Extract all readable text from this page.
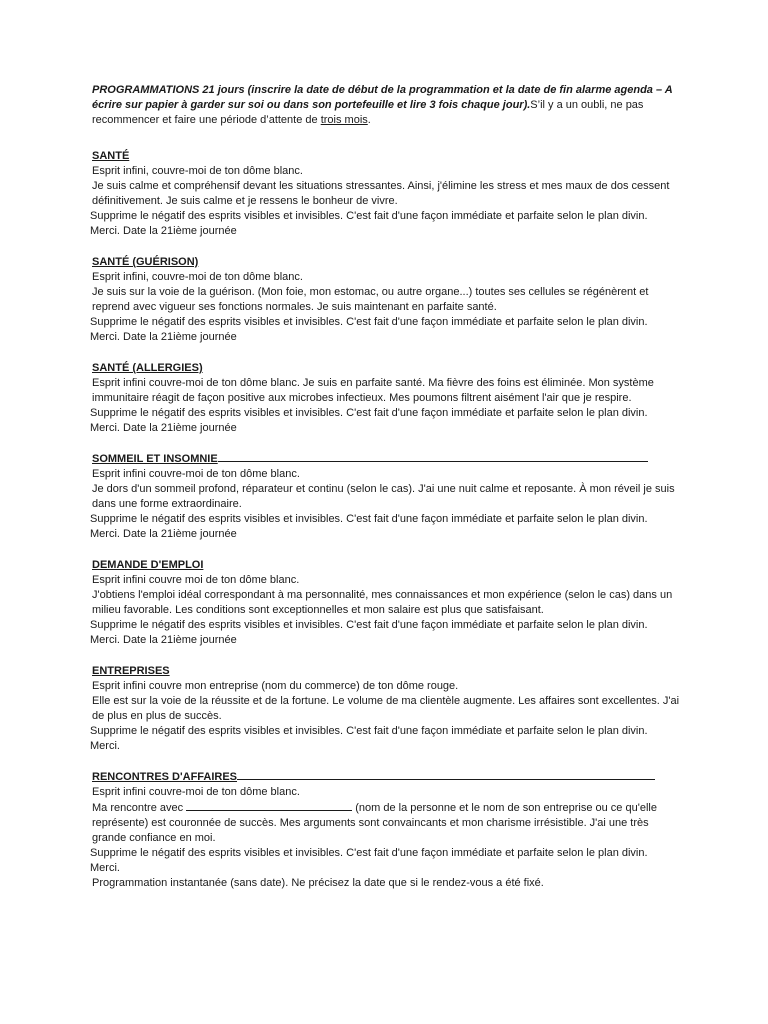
PROGRAMMATIONS 21 jours (inscrire la date de début de la programmation et la date de fin alarme agenda – A écrire sur papier à garder sur soi ou dans son portefeuille et lire 3 fois chaque jour).S’il y a un oubli, ne pas recommencer et faire une période d’attente de trois mois.

SANTÉ
Esprit infini, couvre-moi de ton dôme blanc.
Je suis calme et compréhensif devant les situations stressantes. Ainsi, j'élimine les stress et mes maux de dos cessent définitivement. Je suis calme et je ressens le bonheur de vivre.
Supprime le négatif des esprits visibles et invisibles. C'est fait d'une façon immédiate et parfaite selon le plan divin. Merci. Date la 21ième journée
SANTÉ (GUÉRISON)
Esprit infini, couvre-moi de ton dôme blanc.
Je suis sur la voie de la guérison. (Mon foie, mon estomac, ou autre organe...) toutes ses cellules se régénèrent et reprend avec vigueur ses fonctions normales. Je suis maintenant en parfaite santé.
Supprime le négatif des esprits visibles et invisibles. C'est fait d'une façon immédiate et parfaite selon le plan divin. Merci. Date la 21ième journée
SANTÉ (ALLERGIES)
Esprit infini couvre-moi de ton dôme blanc. Je suis en parfaite santé. Ma fièvre des foins est éliminée. Mon système immunitaire réagit de façon positive aux microbes infectieux. Mes poumons filtrent aisément l'air que je respire.
Supprime le négatif des esprits visibles et invisibles. C'est fait d'une façon immédiate et parfaite selon le plan divin. Merci. Date la 21ième journée
SOMMEIL ET INSOMNIE
Esprit infini couvre-moi de ton dôme blanc.
Je dors d'un sommeil profond, réparateur et continu (selon le cas). J'ai une nuit calme et reposante. À mon réveil je suis dans une forme extraordinaire.
Supprime le négatif des esprits visibles et invisibles. C'est fait d'une façon immédiate et parfaite selon le plan divin. Merci. Date la 21ième journée
DEMANDE D'EMPLOI
Esprit infini couvre moi de ton dôme blanc.
J'obtiens l'emploi idéal correspondant à ma personnalité, mes connaissances et mon expérience (selon le cas) dans un milieu favorable. Les conditions sont exceptionnelles et mon salaire est plus que satisfaisant.
Supprime le négatif des esprits visibles et invisibles. C'est fait d'une façon immédiate et parfaite selon le plan divin. Merci. Date la 21ième journée
ENTREPRISES
Esprit infini couvre mon entreprise (nom du commerce) de ton dôme rouge.
Elle est sur la voie de la réussite et de la fortune. Le volume de ma clientèle augmente. Les affaires sont excellentes. J'ai de plus en plus de succès.
Supprime le négatif des esprits visibles et invisibles. C'est fait d'une façon immédiate et parfaite selon le plan divin. Merci.
RENCONTRES D'AFFAIRES
Esprit infini couvre-moi de ton dôme blanc.
Ma rencontre avec	(nom de la personne et le nom de son entreprise ou ce qu'elle représente) est couronnée de succès. Mes arguments sont convaincants et mon charisme irrésistible. J'ai une très grande confiance en moi.
Supprime le négatif des esprits visibles et invisibles. C'est fait d'une façon immédiate et parfaite selon le plan divin. Merci.
Programmation instantanée (sans date). Ne précisez la date que si le rendez-vous a été fixé.
